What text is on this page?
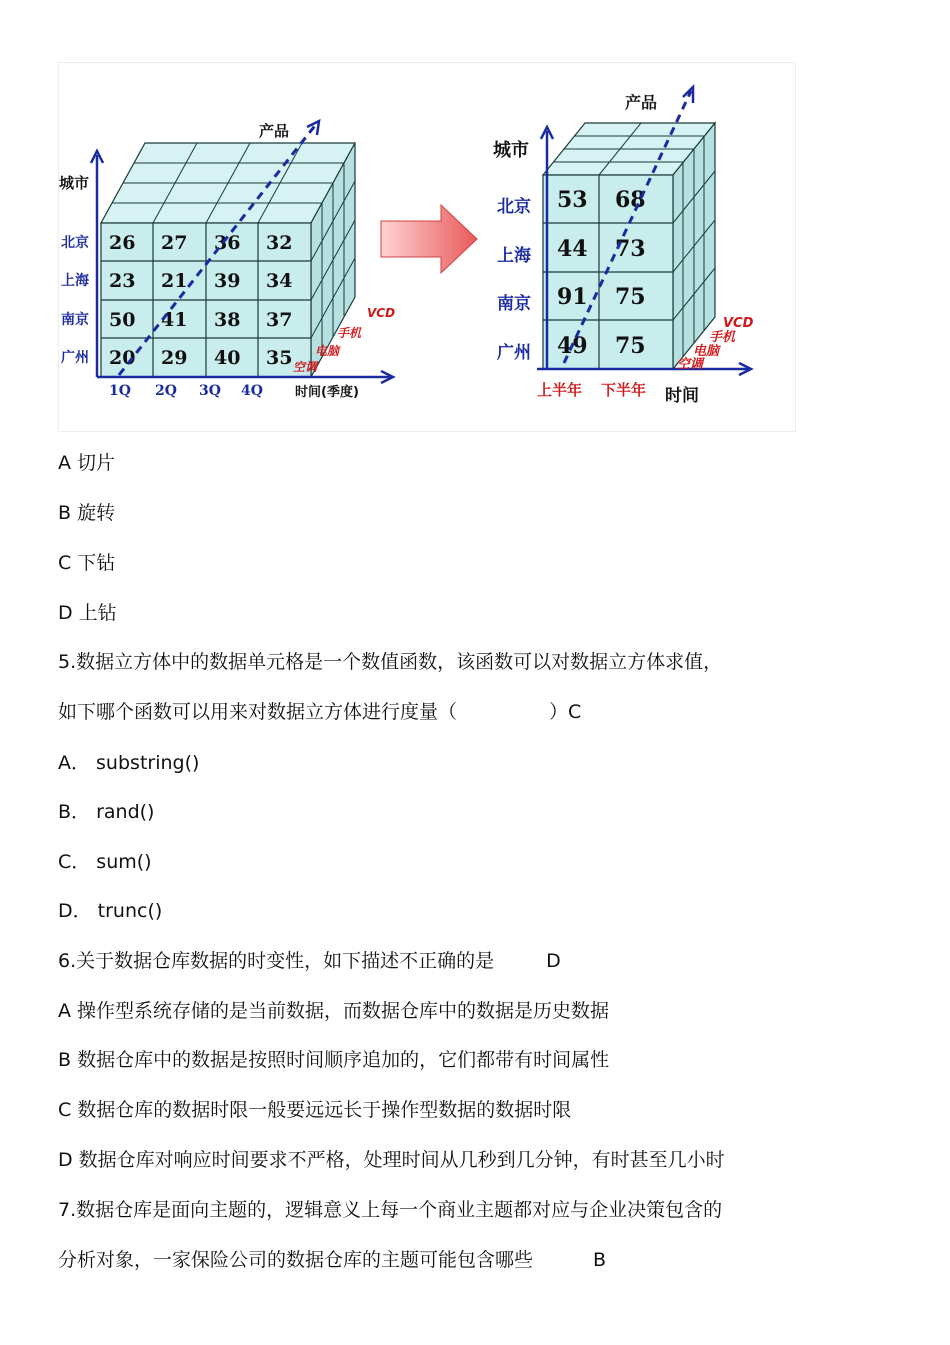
26 27 36 32
23 21 39 34
50 41 38 37
20 29 40 35
城市
产品
时间(季度)
北京
上海
南京
广州
1Q 2Q 3Q 4Q
VCD
手机
电脑
空调
53 68
44 73
91 75
49 75
城市
产品
时间
北京
上海
南京
广州
上半年 下半年
VCD
手机
电脑
空调
A 切片
B 旋转
C 下钻
D 上钻
5.数据立方体中的数据单元格是一个数值函数，该函数可以对数据立方体求值，
如下哪个函数可以用来对数据立方体进行度量（	）C
A． substring()
B． rand()
C． sum()
D． trunc()
6.关于数据仓库数据的时变性，如下描述不正确的是	D
A 操作型系统存储的是当前数据，而数据仓库中的数据是历史数据
B 数据仓库中的数据是按照时间顺序追加的，它们都带有时间属性
C 数据仓库的数据时限一般要远远长于操作型数据的数据时限
D 数据仓库对响应时间要求不严格，处理时间从几秒到几分钟，有时甚至几小时
7.数据仓库是面向主题的，逻辑意义上每一个商业主题都对应与企业决策包含的
分析对象，一家保险公司的数据仓库的主题可能包含哪些	B
